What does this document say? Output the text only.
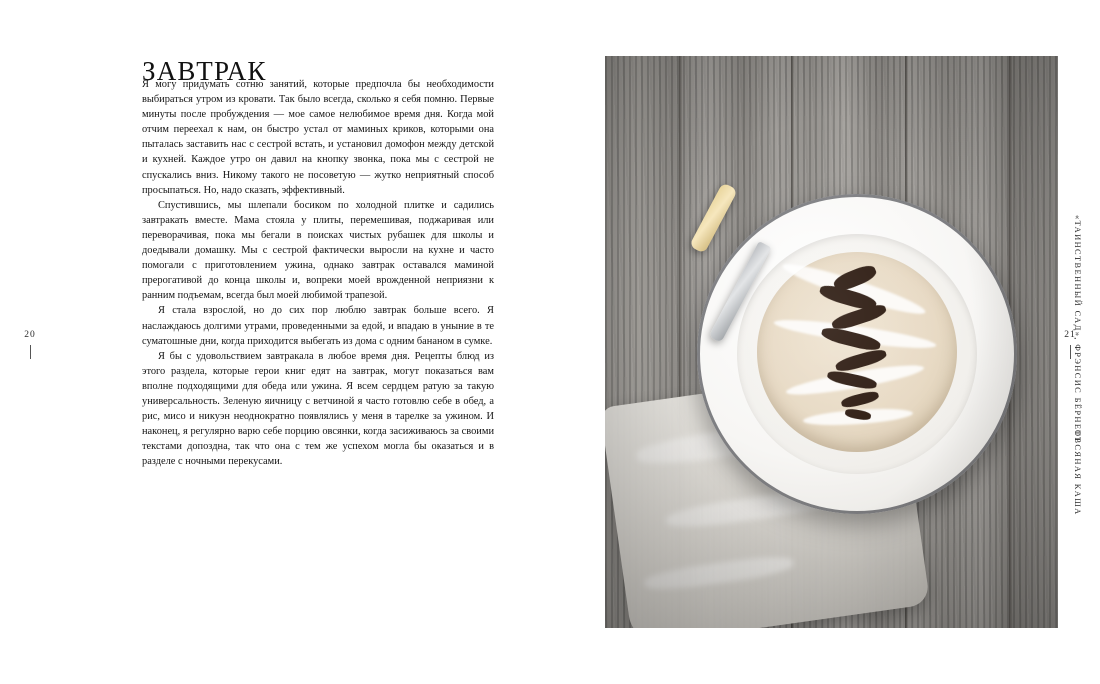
ЗАВТРАК

Я могу придумать сотню занятий, которые предпочла бы необходимости выбираться утром из кровати. Так было всегда, сколько я себя помню. Первые минуты после пробуждения — мое самое нелюбимое время дня. Когда мой отчим переехал к нам, он быстро устал от маминых криков, которыми она пыталась заставить нас с сестрой встать, и установил домофон между детской и кухней. Каждое утро он давил на кнопку звонка, пока мы с сестрой не спускались вниз. Никому такого не посоветую — жутко неприятный способ просыпаться. Но, надо сказать, эффективный.

Спустившись, мы шлепали босиком по холодной плитке и садились завтракать вместе. Мама стояла у плиты, перемешивая, поджаривая или переворачивая, пока мы бегали в поисках чистых рубашек для школы и доедывали домашку. Мы с сестрой фактически выросли на кухне и часто помогали с приготовлением ужина, однако завтрак оставался маминой прерогативой до конца школы и, вопреки моей врожденной неприязни к ранним подъемам, всегда был моей любимой трапезой.

Я стала взрослой, но до сих пор люблю завтрак больше всего. Я наслаждаюсь долгими утрами, проведенными за едой, и впадаю в уныние в те суматошные дни, когда приходится выбегать из дома с одним бананом в сумке.

Я бы с удовольствием завтракала в любое время дня. Рецепты блюд из этого раздела, которые герои книг едят на завтрак, могут показаться вам вполне подходящими для обеда или ужина. Я всем сердцем ратую за такую универсальность. Зеленую яичницу с ветчиной я часто готовлю себе в обед, а рис, мисо и никуэн неоднократно появлялись у меня в тарелке за ужином. И наконец, я регулярно варю себе порцию овсянки, когда засиживаюсь за своими текстами допоздна, так что она с тем же успехом могла бы оказаться и в разделе с ночными перекусами.

20	«ТАИНСТВЕННЫЙ САД», ФРЭНСИС БЁРНЕТТ
ОВСЯНАЯ КАША
21
